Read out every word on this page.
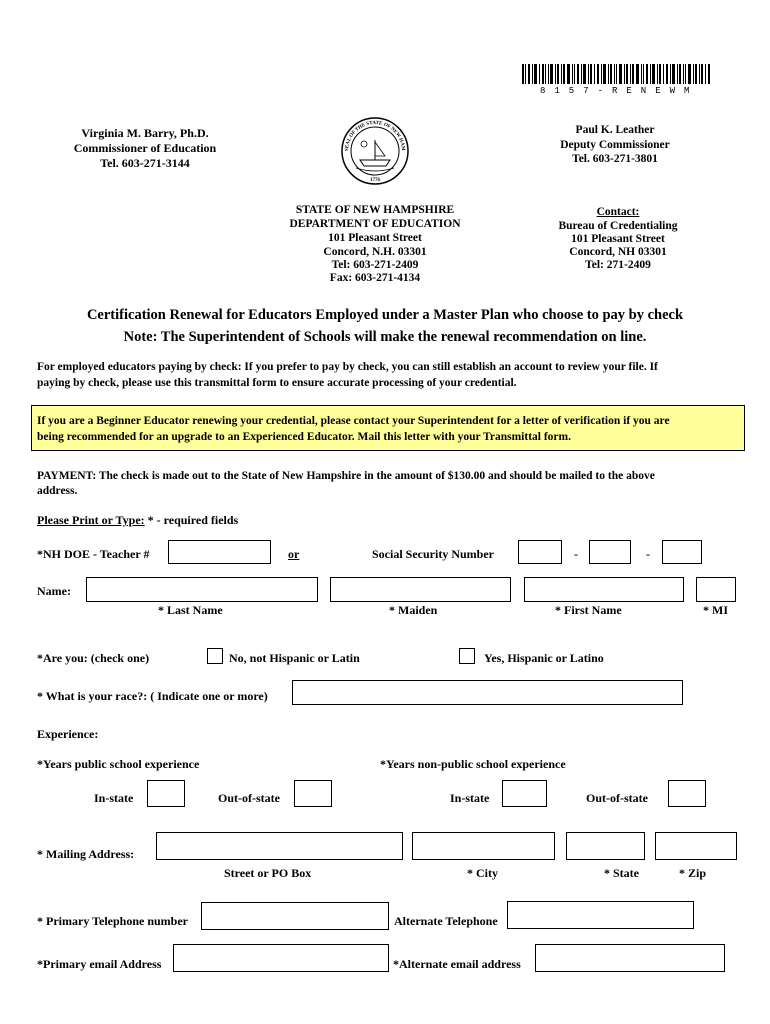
8157-RENEWM
Virginia M. Barry, Ph.D.
Commissioner of Education
Tel. 603-271-3144
SEAL OF THE STATE OF NEW HAM
1776
Paul K. Leather
Deputy Commissioner
Tel. 603-271-3801
STATE OF NEW HAMPSHIRE
DEPARTMENT OF EDUCATION
101 Pleasant Street
Concord, N.H. 03301
Tel: 603-271-2409
Fax: 603-271-4134
Contact:
Bureau of Credentialing
101 Pleasant Street
Concord, NH 03301
Tel: 271-2409
Certification Renewal for Educators Employed under a Master Plan who choose to pay by check
Note: The Superintendent of Schools will make the renewal recommendation on line.
For employed educators paying by check: If you prefer to pay by check, you can still establish an account to review your file. If
paying by check, please use this transmittal form to ensure accurate processing of your credential.
If you are a Beginner Educator renewing your credential, please contact your Superintendent for a letter of verification if you are
being recommended for an upgrade to an Experienced Educator. Mail this letter with your Transmittal form.
PAYMENT: The check is made out to the State of New Hampshire in the amount of $130.00 and should be mailed to the above
address.
Please Print or Type: * - required fields
*NH DOE - Teacher #	or	Social Security Number	-	-
Name:
* Last Name	* Maiden	* First Name	* MI
*Are you: (check one)	No, not Hispanic or Latin	Yes, Hispanic or Latino
* What is your race?: ( Indicate one or more)
Experience:
*Years public school experience	*Years non-public school experience
In-state	Out-of-state	In-state	Out-of-state
* Mailing Address:
Street or PO Box	* City	* State	* Zip
* Primary Telephone number	Alternate Telephone
*Primary email Address	*Alternate email address
